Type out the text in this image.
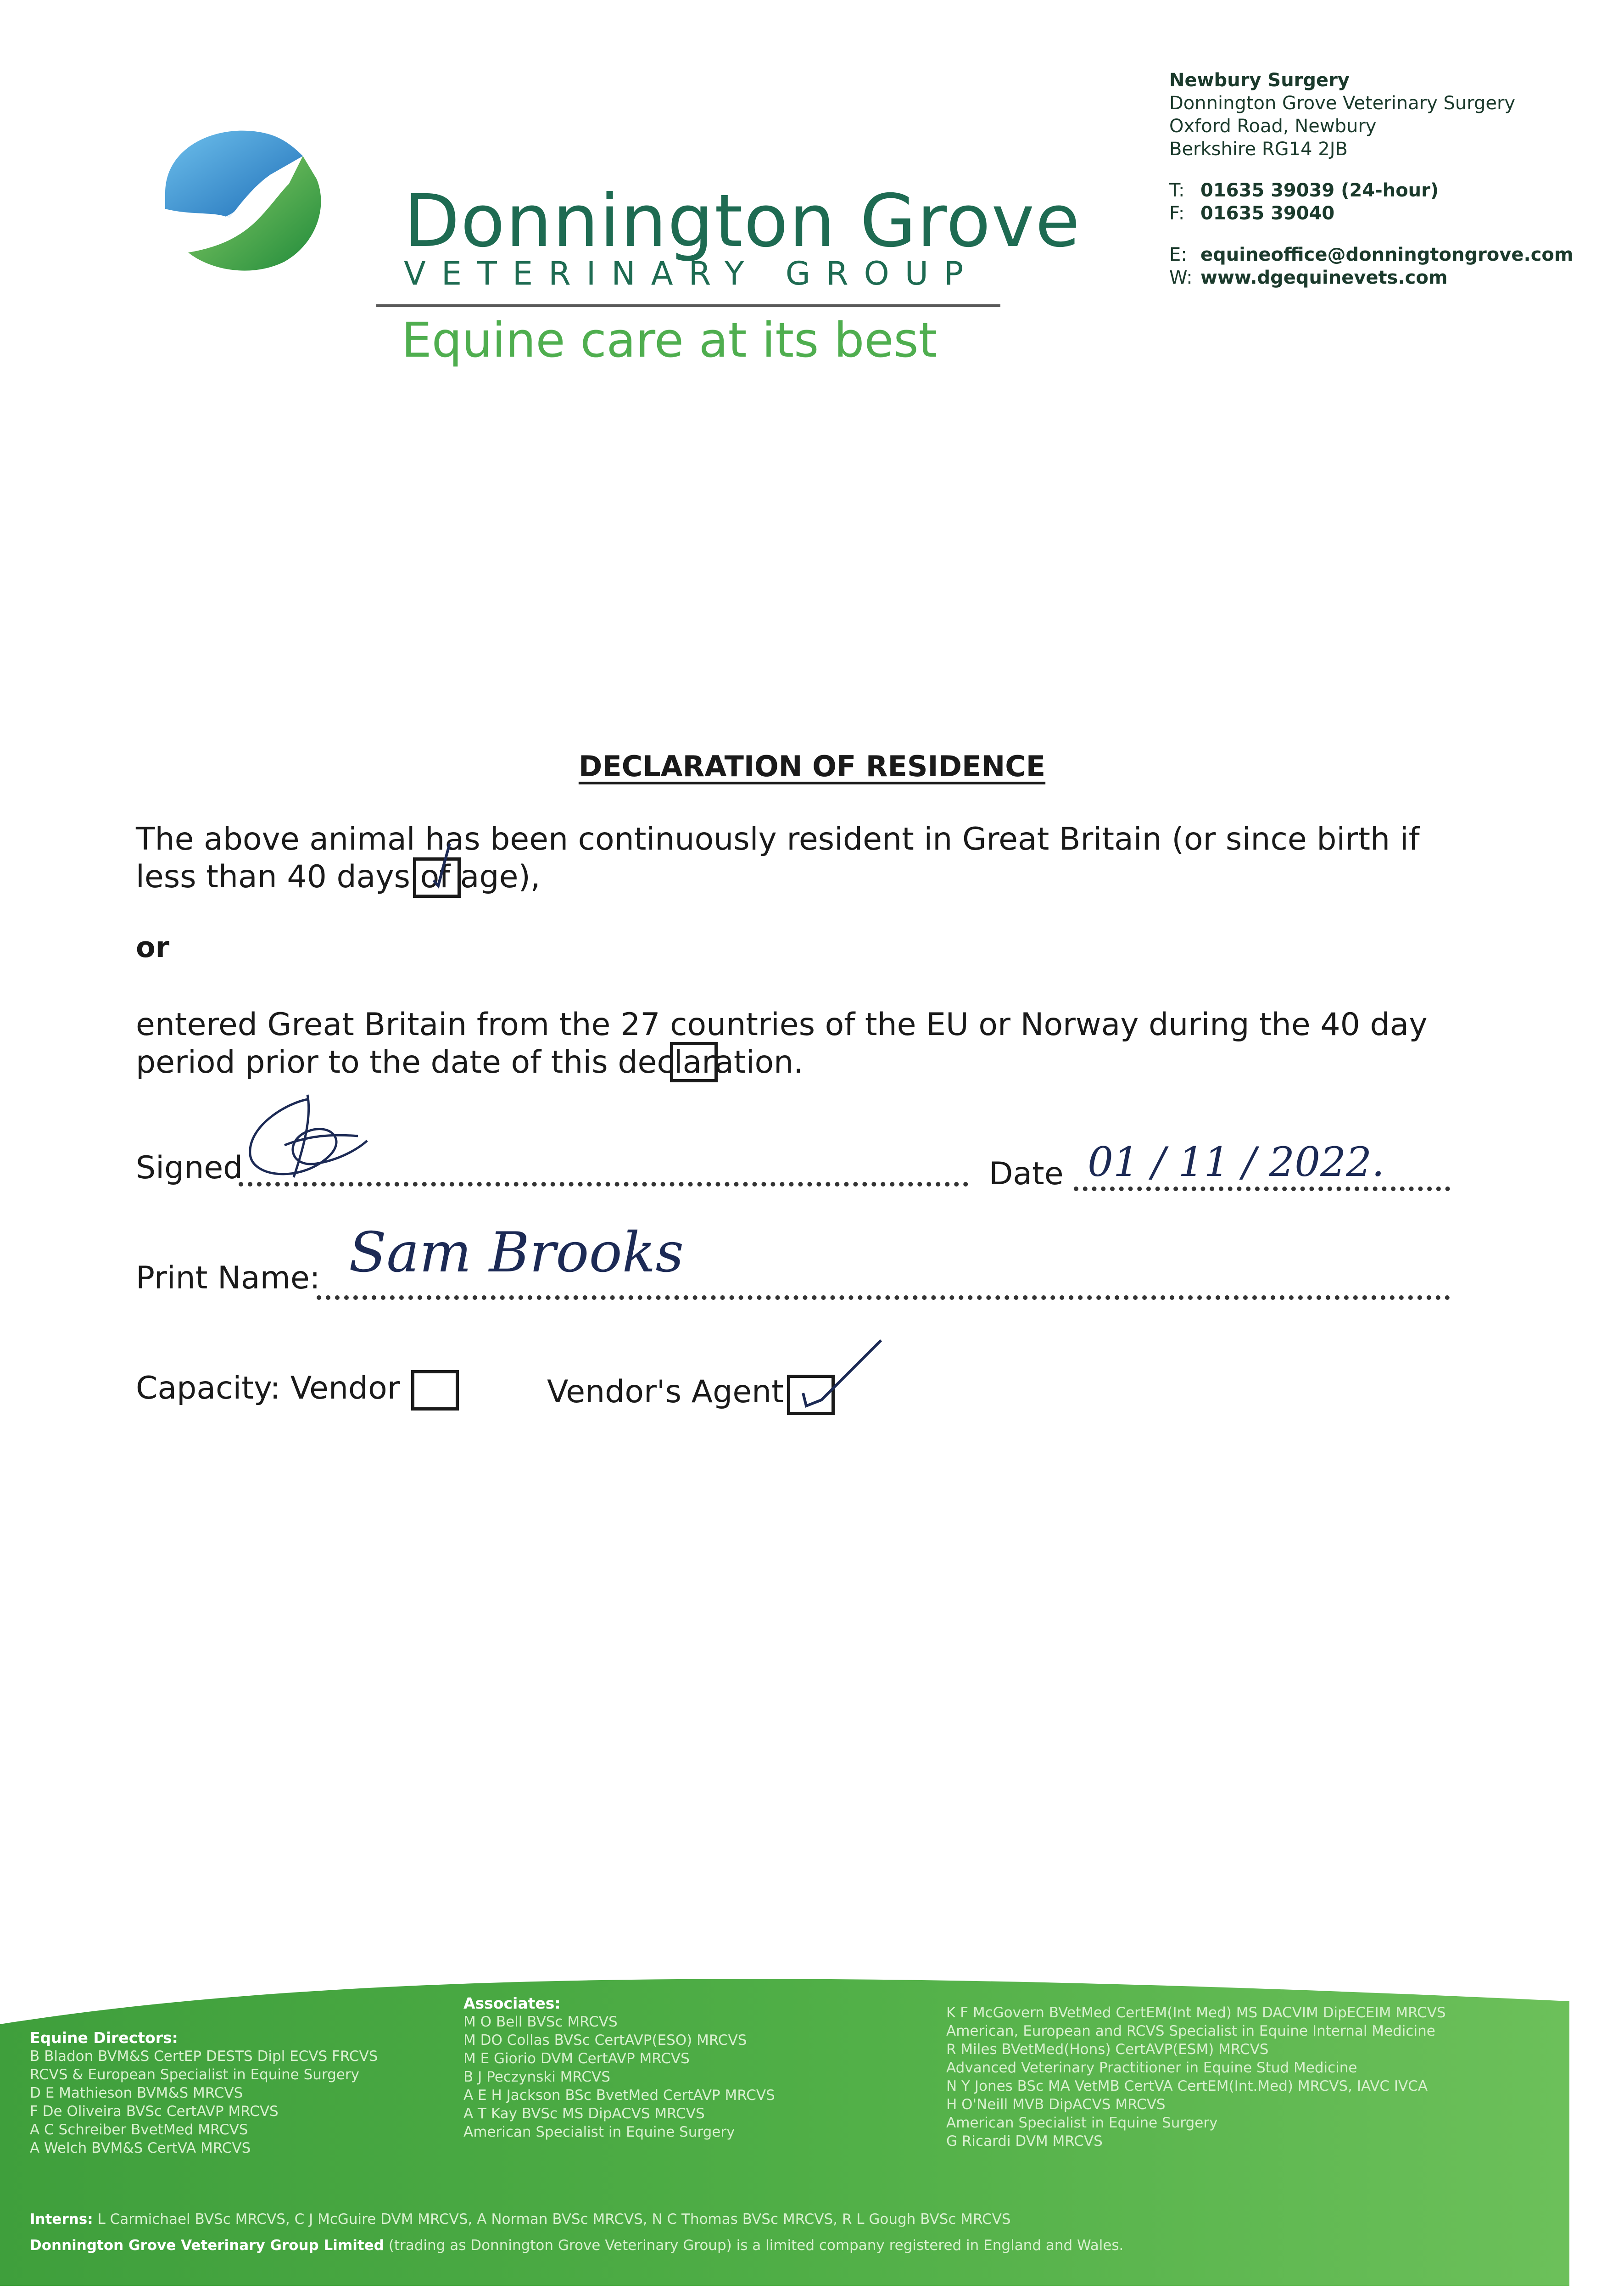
Donnington Grove
VETERINARY GROUP
Equine care at its best
Newbury Surgery
Donnington Grove Veterinary Surgery
Oxford Road, Newbury
Berkshire RG14 2JB
T: 01635 39039 (24-hour)
F: 01635 39040
E: equineoffice@donningtongrove.com
W: www.dgequinevets.com
DECLARATION OF RESIDENCE
The above animal has been continuously resident in Great Britain (or since birth if less than 40 days of age),
or
entered Great Britain from the 27 countries of the EU or Norway during the 40 day period prior to the date of this declaration.
Signed	Date 01 / 11 / 2022.
Print Name: Sam Brooks
Capacity: Vendor	Vendor's Agent
Equine Directors:
B Bladon BVM&S CertEP DESTS Dipl ECVS FRCVS
RCVS & European Specialist in Equine Surgery
D E Mathieson BVM&S MRCVS
F De Oliveira BVSc CertAVP MRCVS
A C Schreiber BvetMed MRCVS
A Welch BVM&S CertVA MRCVS
Associates:
M O Bell BVSc MRCVS
M DO Collas BVSc CertAVP(ESO) MRCVS
M E Giorio DVM CertAVP MRCVS
B J Peczynski MRCVS
A E H Jackson BSc BvetMed CertAVP MRCVS
A T Kay BVSc MS DipACVS MRCVS
American Specialist in Equine Surgery
K F McGovern BVetMed CertEM(Int Med) MS DACVIM DipECEIM MRCVS
American, European and RCVS Specialist in Equine Internal Medicine
R Miles BVetMed(Hons) CertAVP(ESM) MRCVS
Advanced Veterinary Practitioner in Equine Stud Medicine
N Y Jones BSc MA VetMB CertVA CertEM(Int.Med) MRCVS, IAVC IVCA
H O'Neill MVB DipACVS MRCVS
American Specialist in Equine Surgery
G Ricardi DVM MRCVS
Interns: L Carmichael BVSc MRCVS, C J McGuire DVM MRCVS, A Norman BVSc MRCVS, N C Thomas BVSc MRCVS, R L Gough BVSc MRCVS
Donnington Grove Veterinary Group Limited (trading as Donnington Grove Veterinary Group) is a limited company registered in England and Wales.
